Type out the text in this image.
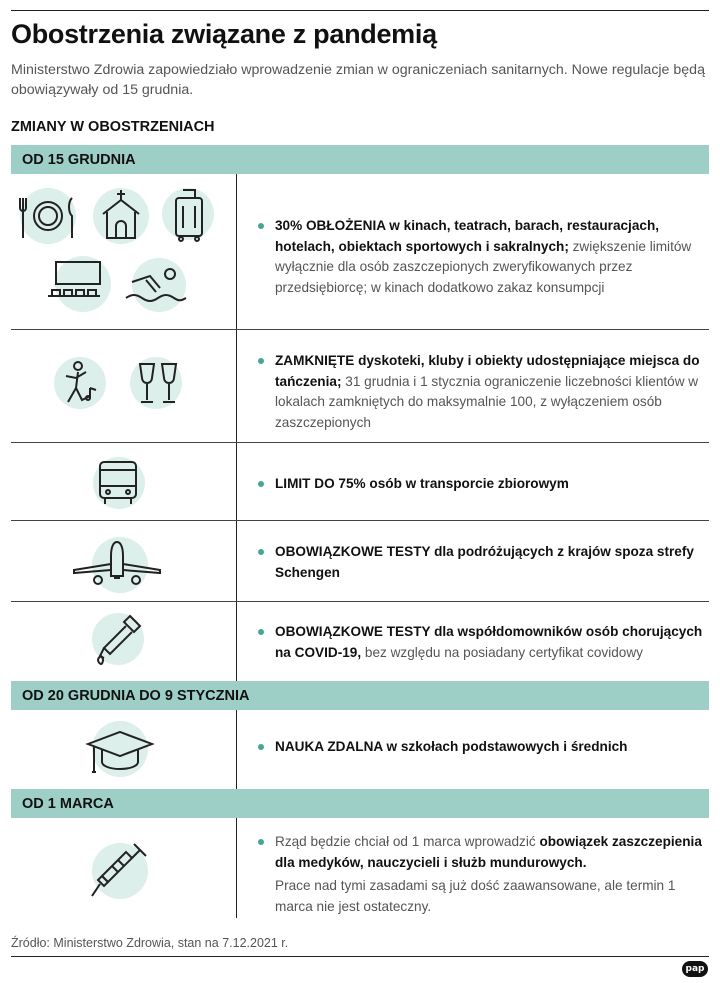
Obostrzenia związane z pandemią
Ministerstwo Zdrowia zapowiedziało wprowadzenie zmian w ograniczeniach sanitarnych. Nowe regulacje będą obowiązywały od 15 grudnia.
ZMIANY W OBOSTRZENIACH
OD 15 GRUDNIA
30% OBŁOŻENIA w kinach, teatrach, barach, restauracjach, hotelach, obiektach sportowych i sakralnych; zwiększenie limitów wyłącznie dla osób zaszczepionych zweryfikowanych przez przedsiębiorcę; w kinach dodatkowo zakaz konsumpcji
ZAMKNIĘTE dyskoteki, kluby i obiekty udostępniające miejsca do tańczenia; 31 grudnia i 1 stycznia ograniczenie liczebności klientów w lokalach zamkniętych do maksymalnie 100, z wyłączeniem osób zaszczepionych
LIMIT DO 75% osób w transporcie zbiorowym
OBOWIĄZKOWE TESTY dla podróżujących z krajów spoza strefy Schengen
OBOWIĄZKOWE TESTY dla współdomowników osób chorujących na COVID-19, bez względu na posiadany certyfikat covidowy
OD 20 GRUDNIA DO 9 STYCZNIA
NAUKA ZDALNA w szkołach podstawowych i średnich
OD 1 MARCA
Rząd będzie chciał od 1 marca wprowadzić obowiązek zaszczepienia dla medyków, nauczycieli i służb mundurowych.
Prace nad tymi zasadami są już dość zaawansowane, ale termin 1 marca nie jest ostateczny.
Źródło: Ministerstwo Zdrowia, stan na 7.12.2021 r.
pap
